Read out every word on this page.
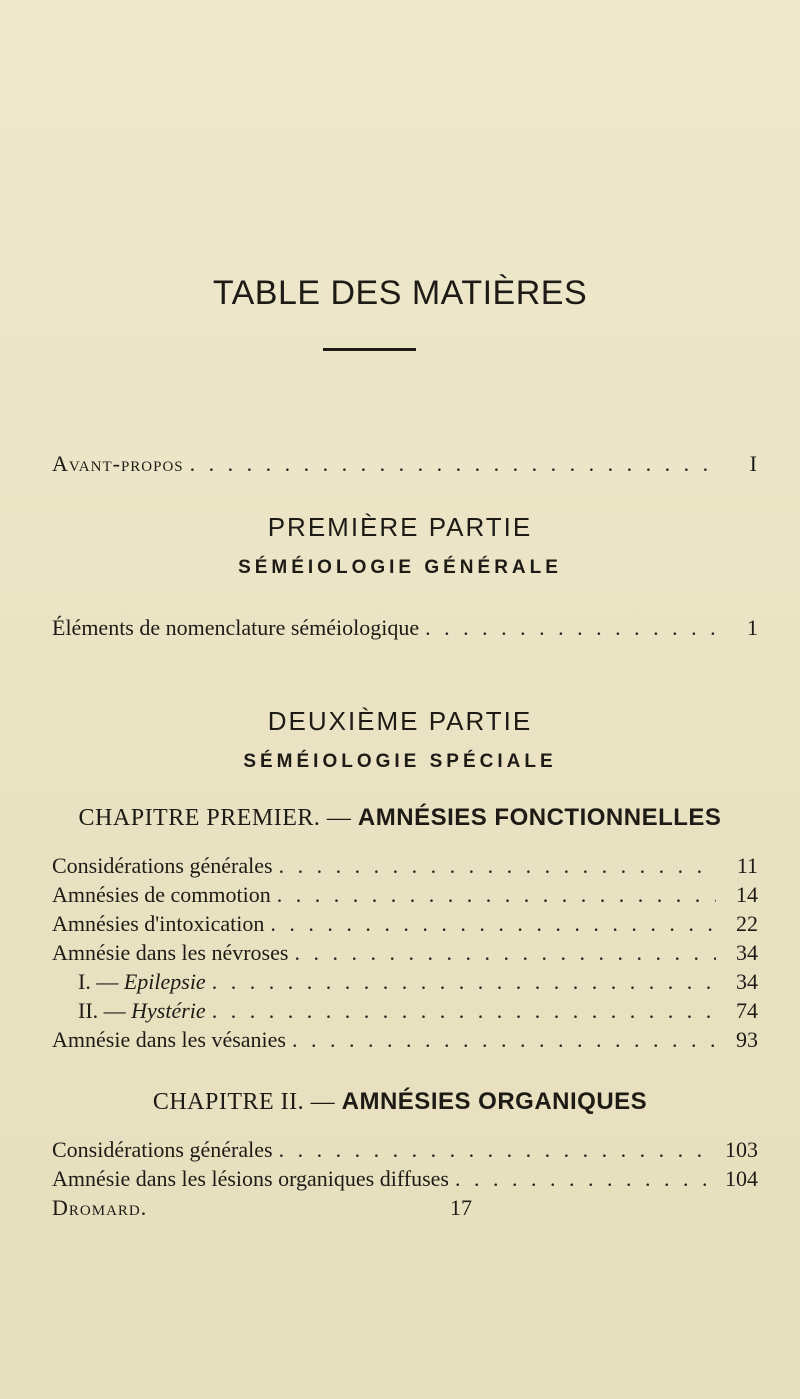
TABLE DES MATIÈRES
Avant-propos . . .	I
PREMIÈRE PARTIE
SÉMÉIOLOGIE GÉNÉRALE
Éléments de nomenclature séméiologique . . .	1
DEUXIÈME PARTIE
SÉMÉIOLOGIE SPÉCIALE
CHAPITRE PREMIER. — AMNÉSIES FONCTIONNELLES
Considérations générales . . .	11
Amnésies de commotion . . .	14
Amnésies d'intoxication . . .	22
Amnésie dans les névroses . . .	34
I. — Epilepsie . . .	34
II. — Hystérie . . .	74
Amnésie dans les vésanies . . .	93
CHAPITRE II. — AMNÉSIES ORGANIQUES
Considérations générales . . .	103
Amnésie dans les lésions organiques diffuses . . .	104
Dromard.	17
